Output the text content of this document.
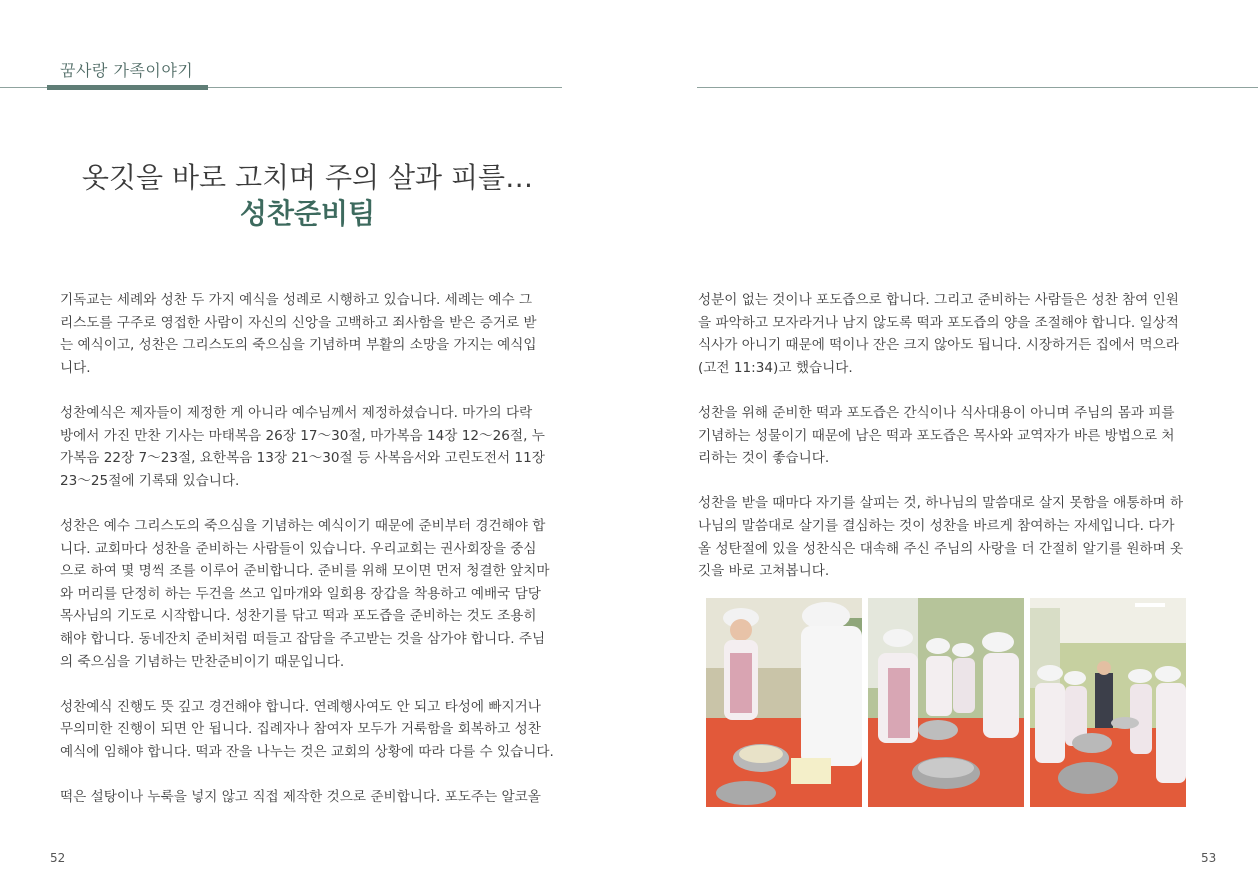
꿈사랑 가족이야기
옷깃을 바로 고치며 주의 살과 피를…
성찬준비팀

기독교는 세례와 성찬 두 가지 예식을 성례로 시행하고 있습니다. 세례는 예수 그
리스도를 구주로 영접한 사람이 자신의 신앙을 고백하고 죄사함을 받은 증거로 받
는 예식이고, 성찬은 그리스도의 죽으심을 기념하며 부활의 소망을 가지는 예식입
니다.

성찬예식은 제자들이 제정한 게 아니라 예수님께서 제정하셨습니다. 마가의 다락
방에서 가진 만찬 기사는 마태복음 26장 17～30절, 마가복음 14장 12～26절, 누
가복음 22장 7～23절, 요한복음 13장 21～30절 등 사복음서와 고린도전서 11장
23～25절에 기록돼 있습니다.

성찬은 예수 그리스도의 죽으심을 기념하는 예식이기 때문에 준비부터 경건해야 합
니다. 교회마다 성찬을 준비하는 사람들이 있습니다. 우리교회는 권사회장을 중심
으로 하여 몇 명씩 조를 이루어 준비합니다. 준비를 위해 모이면 먼저 청결한 앞치마
와 머리를 단정히 하는 두건을 쓰고 입마개와 일회용 장갑을 착용하고 예배국 담당
목사님의 기도로 시작합니다. 성찬기를 닦고 떡과 포도즙을 준비하는 것도 조용히
해야 합니다. 동네잔치 준비처럼 떠들고 잡담을 주고받는 것을 삼가야 합니다. 주님
의 죽으심을 기념하는 만찬준비이기 때문입니다.

성찬예식 진행도 뜻 깊고 경건해야 합니다. 연례행사여도 안 되고 타성에 빠지거나
무의미한 진행이 되면 안 됩니다. 집례자나 참여자 모두가 거룩함을 회복하고 성찬
예식에 임해야 합니다. 떡과 잔을 나누는 것은 교회의 상황에 따라 다를 수 있습니다.

떡은 설탕이나 누룩을 넣지 않고 직접 제작한 것으로 준비합니다. 포도주는 알코올

성분이 없는 것이나 포도즙으로 합니다. 그리고 준비하는 사람들은 성찬 참여 인원
을 파악하고 모자라거나 남지 않도록 떡과 포도즙의 양을 조절해야 합니다. 일상적
식사가 아니기 때문에 떡이나 잔은 크지 않아도 됩니다. 시장하거든 집에서 먹으라
(고전 11:34)고 했습니다.

성찬을 위해 준비한 떡과 포도즙은 간식이나 식사대용이 아니며 주님의 몸과 피를
기념하는 성물이기 때문에 남은 떡과 포도즙은 목사와 교역자가 바른 방법으로 처
리하는 것이 좋습니다.

성찬을 받을 때마다 자기를 살피는 것, 하나님의 말씀대로 살지 못함을 애통하며 하
나님의 말씀대로 살기를 결심하는 것이 성찬을 바르게 참여하는 자세입니다. 다가
올 성탄절에 있을 성찬식은 대속해 주신 주님의 사랑을 더 간절히 알기를 원하며 옷
깃을 바로 고쳐봅니다.

52	53
